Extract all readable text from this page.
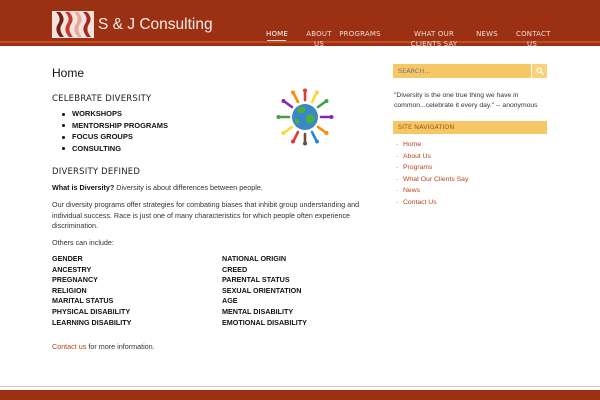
S & J Consulting
HOME	ABOUT US
PROGRAMS	WHAT OUR CLIENTS SAY
NEWS	CONTACT US
Home
CELEBRATE DIVERSITY
WORKSHOPS
MENTORSHIP PROGRAMS
FOCUS GROUPS
CONSULTING
DIVERSITY DEFINED
What is Diversity? Diversity is about differences between people.
Our diversity programs offer strategies for combating biases that inhibit group understanding and individual success. Race is just one of many characteristics for which people often experience discrimination.
Others can include:
GENDER
ANCESTRY
PREGNANCY
RELIGION
MARITAL STATUS
PHYSICAL DISABILITY
LEARNING DISABILITY
NATIONAL ORIGIN
CREED
PARENTAL STATUS
SEXUAL ORIENTATION
AGE
MENTAL DISABILITY
EMOTIONAL DISABILITY
Contact us for more information.
SEARCH...
"Diversity is the one true thing we have in common...celebrate it every day." -- anonymous
SITE NAVIGATION
- Home
- About Us
- Programs
- What Our Clients Say
- News
- Contact Us
